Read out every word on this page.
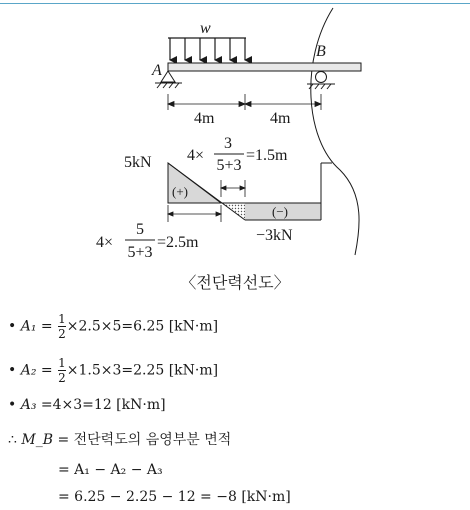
w
A
B
4m	4m
5kN
(+)
(−)
−3kN
4×
3
5+3
=1.5m
4×
5
5+3
=2.5m
〈전단력선도〉
• $A_1 = \frac{1}{2} \times 2.5\times 5=6.25$ [kN·m]
• $A_2 = \frac{1}{2} \times 1.5\times 3=2.25$ [kN·m]
• A₃ =4×3=12 [kN·m]
∴ M_B = 전단력도의 음영부분 면적
= A₁ − A₂ − A₃
= 6.25 − 2.25 − 12 = −8 [kN·m]
